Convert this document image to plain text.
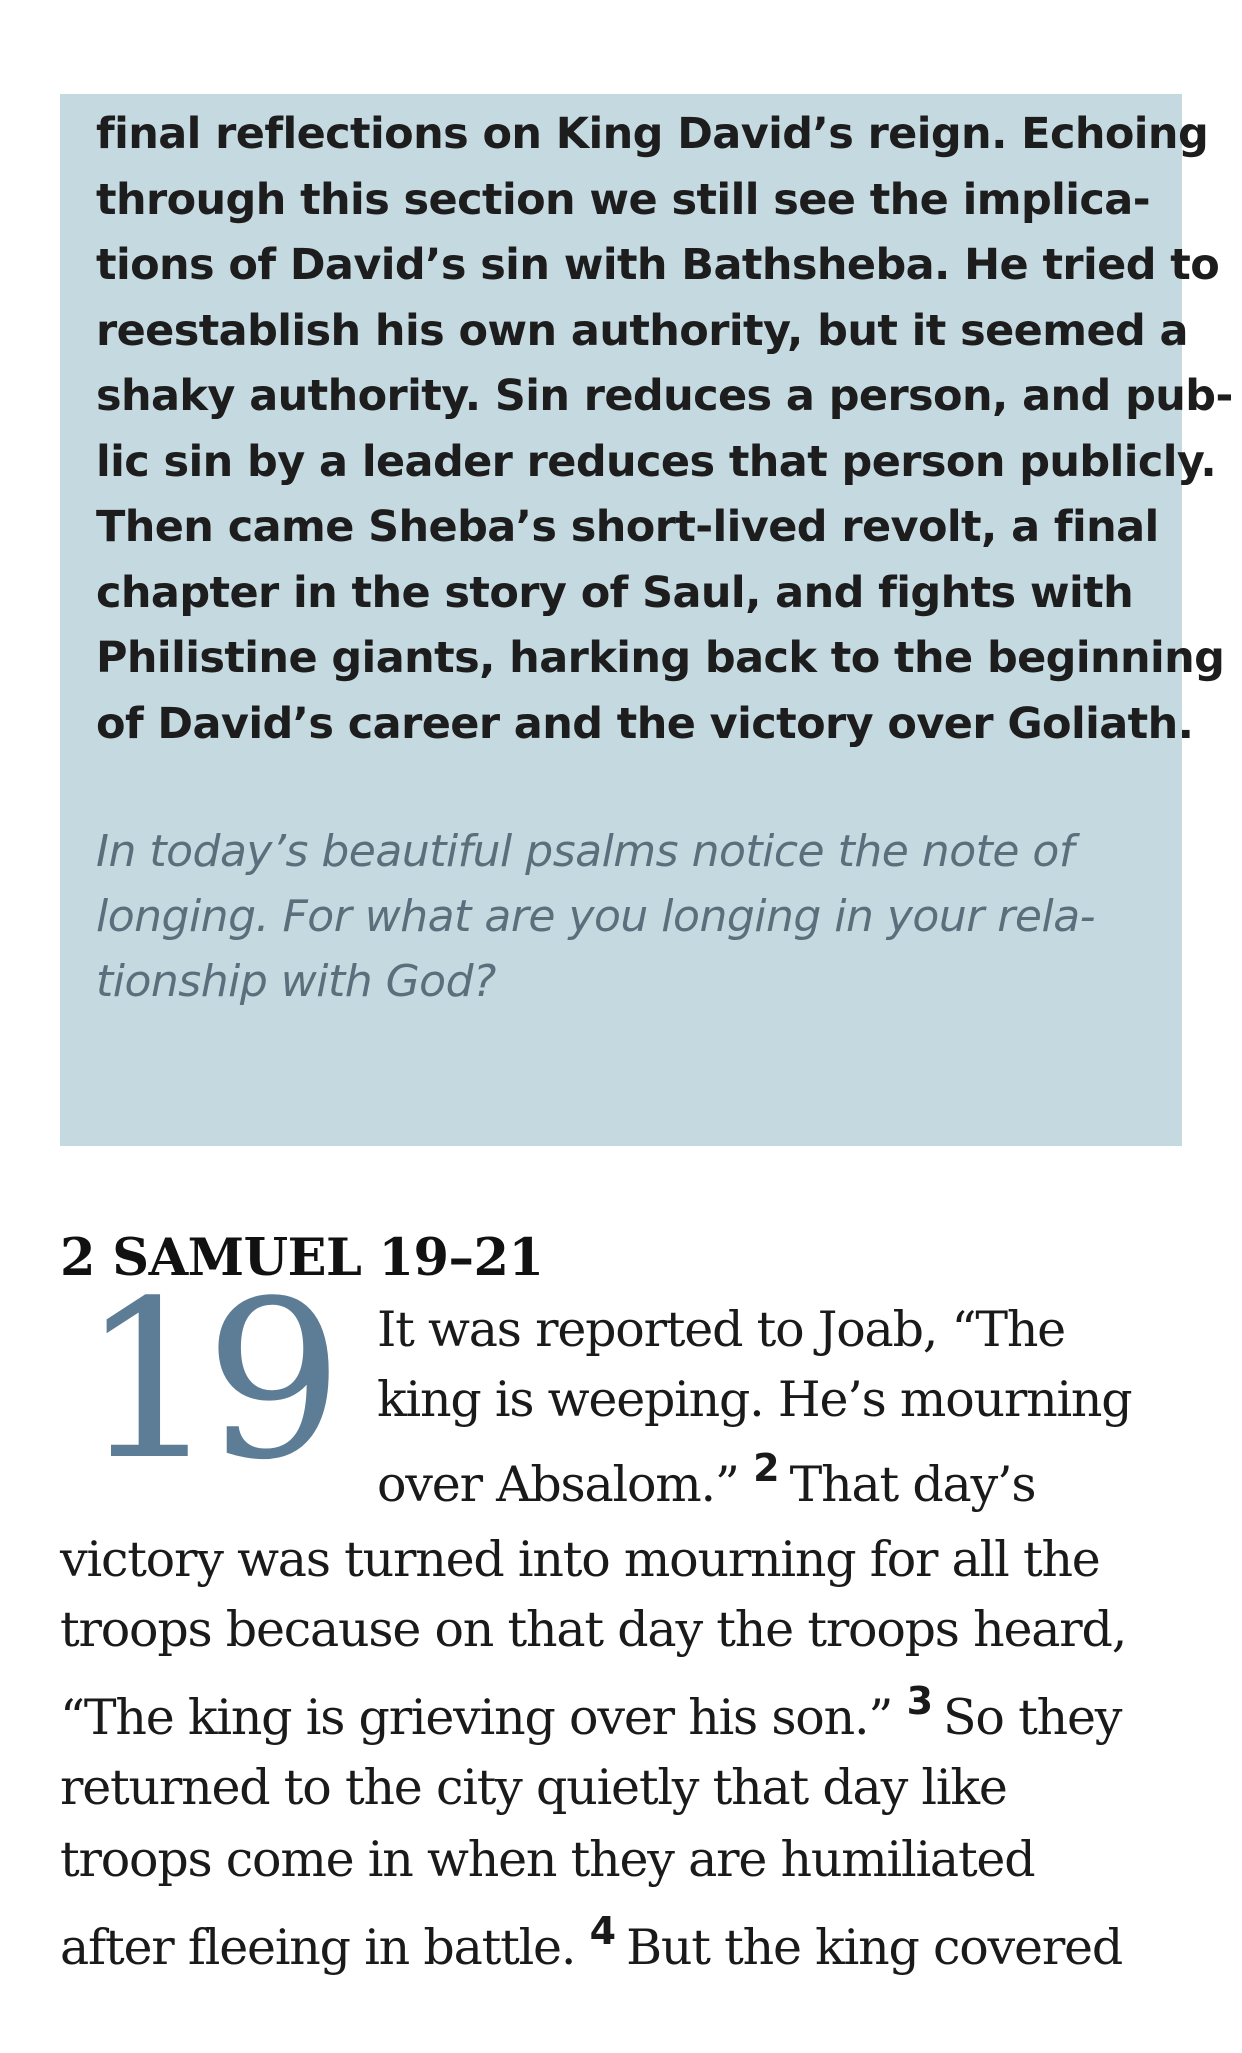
final reflections on King David’s reign. Echoing
through this section we still see the implica-
tions of David’s sin with Bathsheba. He tried to
reestablish his own authority, but it seemed a
shaky authority. Sin reduces a person, and pub-
lic sin by a leader reduces that person publicly.
Then came Sheba’s short-lived revolt, a final
chapter in the story of Saul, and fights with
Philistine giants, harking back to the beginning
of David’s career and the victory over Goliath.

In today’s beautiful psalms notice the note of
longing. For what are you longing in your rela-
tionship with God?

2 SAMUEL 19–21
19 It was reported to Joab, “The
king is weeping. He’s mourning
over Absalom.” $^2$ That day’s
victory was turned into mourning for all the
troops because on that day the troops heard,
“The king is grieving over his son.” $^3$ So they
returned to the city quietly that day like
troops come in when they are humiliated
after fleeing in battle. $^4$ But the king covered
